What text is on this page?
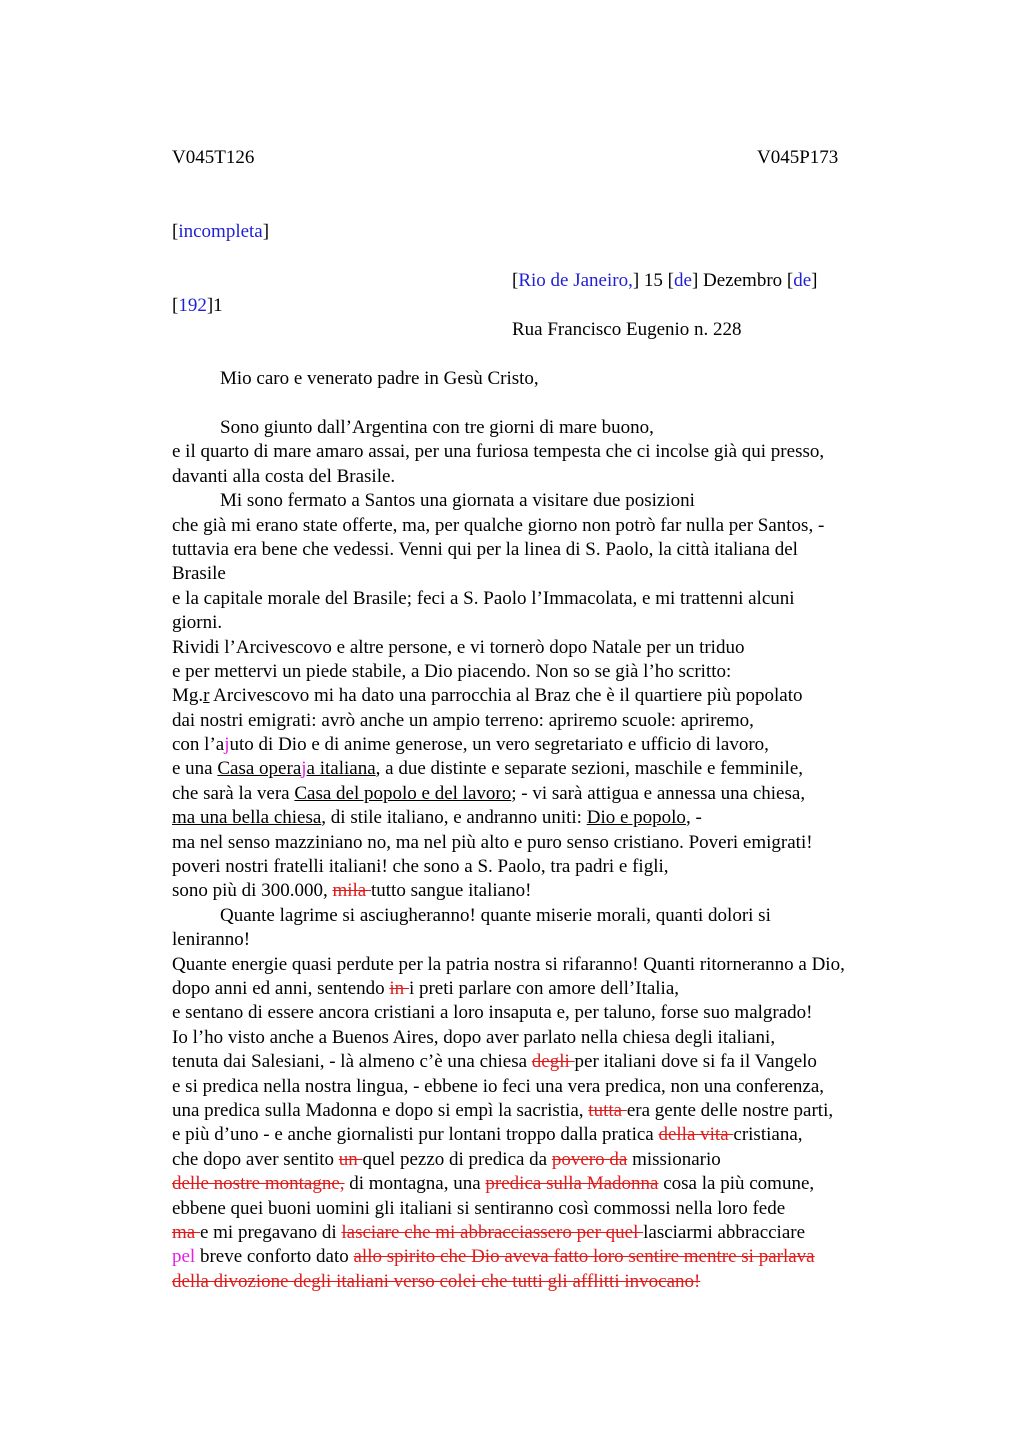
V045T126	V045P173
[incompleta]
[Rio de Janeiro,] 15 [de] Dezembro [de]
[192]1
Rua Francisco Eugenio n. 228
Mio caro e venerato padre in Gesù Cristo,
Sono giunto dall’Argentina con tre giorni di mare buono,
e il quarto di mare amaro assai, per una furiosa tempesta che ci incolse già qui presso,
davanti alla costa del Brasile.
Mi sono fermato a Santos una giornata a visitare due posizioni
che già mi erano state offerte, ma, per qualche giorno non potrò far nulla per Santos, -
tuttavia era bene che vedessi. Venni qui per la linea di S. Paolo, la città italiana del
Brasile
e la capitale morale del Brasile; feci a S. Paolo l’Immacolata, e mi trattenni alcuni
giorni.
Rividi l’Arcivescovo e altre persone, e vi tornerò dopo Natale per un triduo
e per mettervi un piede stabile, a Dio piacendo. Non so se già l’ho scritto:
Mg.r Arcivescovo mi ha dato una parrocchia al Braz che è il quartiere più popolato
dai nostri emigrati: avrò anche un ampio terreno: apriremo scuole: apriremo,
con l’ajuto di Dio e di anime generose, un vero segretariato e ufficio di lavoro,
e una Casa operaja italiana, a due distinte e separate sezioni, maschile e femminile,
che sarà la vera Casa del popolo e del lavoro; - vi sarà attigua e annessa una chiesa,
ma una bella chiesa, di stile italiano, e andranno uniti: Dio e popolo, -
ma nel senso mazziniano no, ma nel più alto e puro senso cristiano. Poveri emigrati!
poveri nostri fratelli italiani! che sono a S. Paolo, tra padri e figli,
sono più di 300.000, mila tutto sangue italiano!
Quante lagrime si asciugheranno! quante miserie morali, quanti dolori si
leniranno!
Quante energie quasi perdute per la patria nostra si rifaranno! Quanti ritorneranno a Dio,
dopo anni ed anni, sentendo in i preti parlare con amore dell’Italia,
e sentano di essere ancora cristiani a loro insaputa e, per taluno, forse suo malgrado!
Io l’ho visto anche a Buenos Aires, dopo aver parlato nella chiesa degli italiani,
tenuta dai Salesiani, - là almeno c’è una chiesa degli per italiani dove si fa il Vangelo
e si predica nella nostra lingua, - ebbene io feci una vera predica, non una conferenza,
una predica sulla Madonna e dopo si empì la sacristia, tutta era gente delle nostre parti,
e più d’uno - e anche giornalisti pur lontani troppo dalla pratica della vita cristiana,
che dopo aver sentito un quel pezzo di predica da povero da missionario
delle nostre montagne, di montagna, una predica sulla Madonna cosa la più comune,
ebbene quei buoni uomini gli italiani si sentiranno così commossi nella loro fede
ma e mi pregavano di lasciare che mi abbracciassero per quel lasciarmi abbracciare
pel breve conforto dato allo spirito che Dio aveva fatto loro sentire mentre si parlava
della divozione degli italiani verso colei che tutti gli afflitti invocano!
